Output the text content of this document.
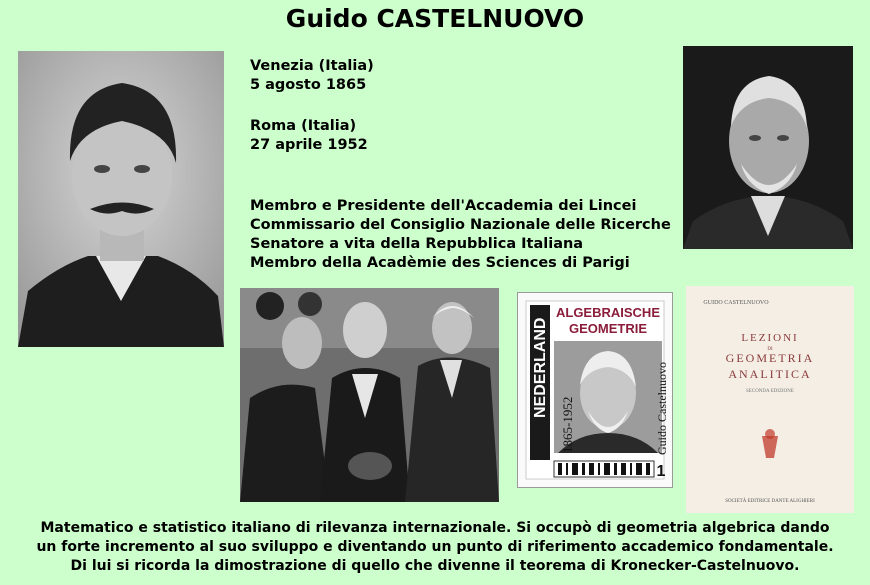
Guido CASTELNUOVO
Venezia (Italia)
5 agosto 1865
Roma (Italia)
27 aprile 1952
Membro e Presidente dell'Accademia dei Lincei
Commissario del Consiglio Nazionale delle Ricerche
Senatore a vita della Repubblica Italiana
Membro della Acadèmie des Sciences di Parigi
NEDERLAND
ALGEBRAISCHE
GEOMETRIE
1865-1952	Guido Castelnuovo
1
GUIDO CASTELNUOVO
LEZIONI
DI
GEOMETRIA
ANALITICA
SECONDA EDIZIONE
SOCIETÀ EDITRICE DANTE ALIGHIERI
Matematico e statistico italiano di rilevanza internazionale. Si occupò di geometria algebrica dando
un forte incremento al suo sviluppo e diventando un punto di riferimento accademico fondamentale.
Di lui si ricorda la dimostrazione di quello che divenne il teorema di Kronecker-Castelnuovo.
